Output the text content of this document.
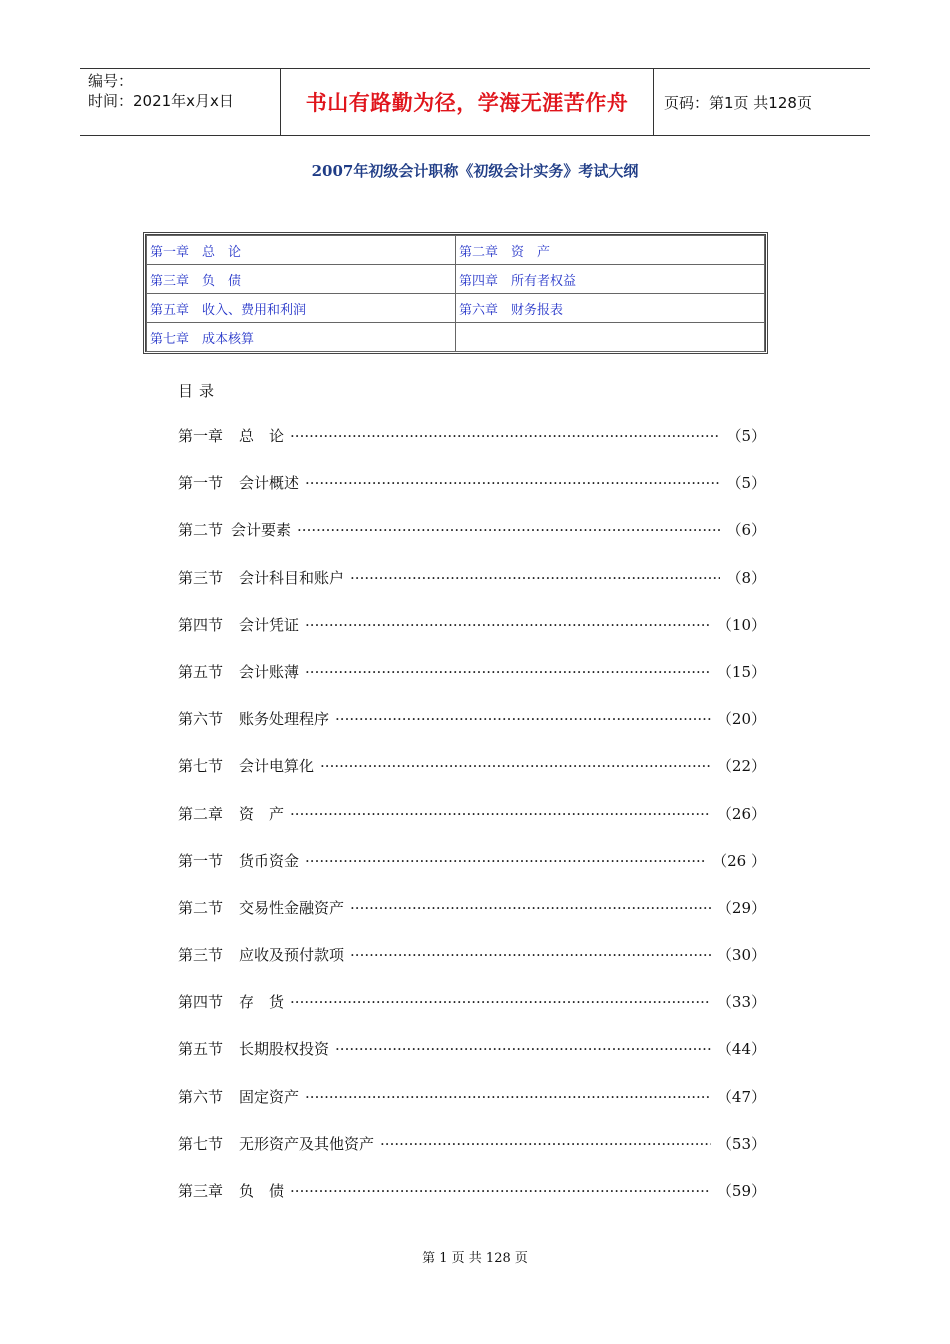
编号：
时间：2021年x月x日	书山有路勤为径，学海无涯苦作舟	页码：第1页 共128页
2007年初级会计职称《初级会计实务》考试大纲
第一章　总　论	第二章　资　产
第三章　负　债	第四章　所有者权益
第五章　收入、费用和利润	第六章　财务报表
第七章　成本核算	
目录
第一章 总　论 ·····	（5）
第一节 会计概述 ·····	（5）
第二节 会计要素 ·····	（6）
第三节 会计科目和账户 ·····	（8）
第四节 会计凭证 ·····	（10）
第五节 会计账薄 ·····	（15）
第六节 账务处理程序 ·····	（20）
第七节 会计电算化 ·····	（22）
第二章 资　产 ·····	（26）
第一节 货币资金 ·····	（26 ）
第二节 交易性金融资产 ·····	（29）
第三节 应收及预付款项 ·····	（30）
第四节 存　货 ·····	（33）
第五节 长期股权投资 ·····	（44）
第六节 固定资产 ·····	（47）
第七节 无形资产及其他资产 ·····	（53）
第三章 负　债 ·····	（59）
第 1 页 共 128 页
